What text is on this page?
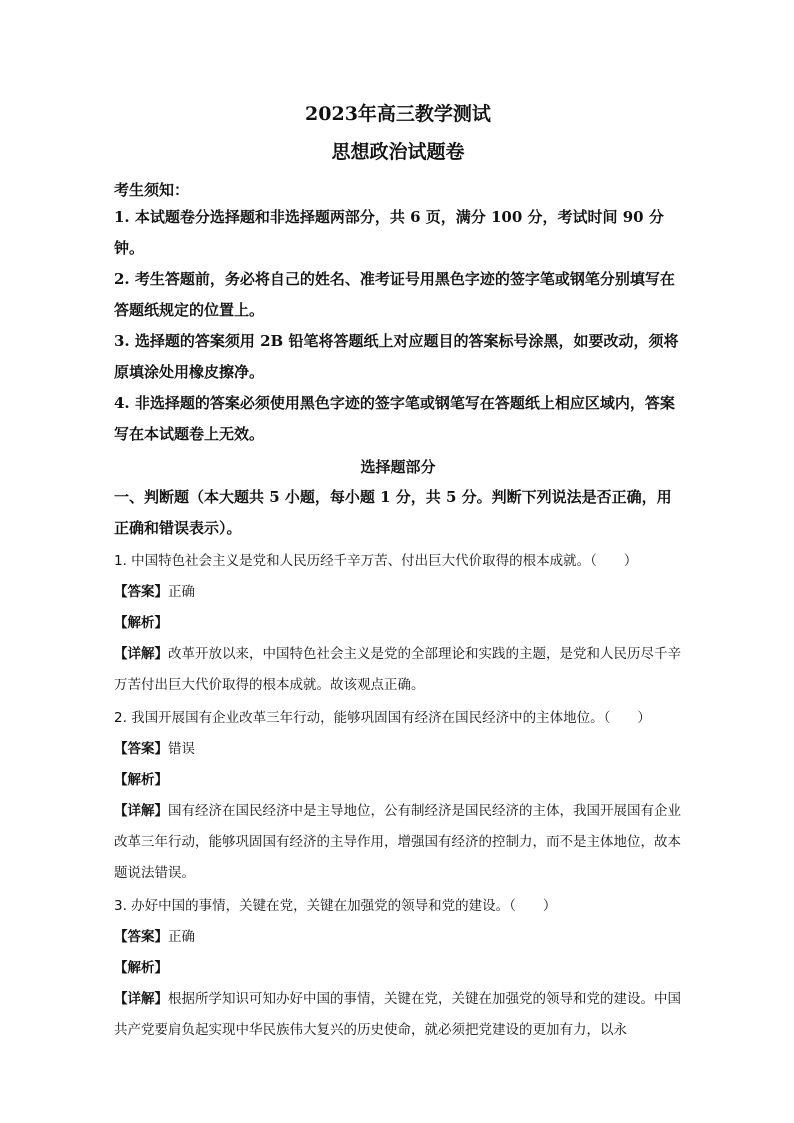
2023年高三教学测试
思想政治试题卷
考生须知：
1. 本试题卷分选择题和非选择题两部分，共 6 页，满分 100 分，考试时间 90 分钟。
2. 考生答题前，务必将自己的姓名、准考证号用黑色字迹的签字笔或钢笔分别填写在答题纸规定的位置上。
3. 选择题的答案须用 2B 铅笔将答题纸上对应题目的答案标号涂黑，如要改动，须将原填涂处用橡皮擦净。
4. 非选择题的答案必须使用黑色字迹的签字笔或钢笔写在答题纸上相应区域内，答案写在本试题卷上无效。
选择题部分
一、判断题（本大题共 5 小题，每小题 1 分，共 5 分。判断下列说法是否正确，用正确和错误表示）。
1. 中国特色社会主义是党和人民历经千辛万苦、付出巨大代价取得的根本成就。（　　）
【答案】正确
【解析】
【详解】改革开放以来，中国特色社会主义是党的全部理论和实践的主题，是党和人民历尽千辛万苦付出巨大代价取得的根本成就。故该观点正确。
2. 我国开展国有企业改革三年行动，能够巩固国有经济在国民经济中的主体地位。（　　）
【答案】错误
【解析】
【详解】国有经济在国民经济中是主导地位，公有制经济是国民经济的主体，我国开展国有企业改革三年行动，能够巩固国有经济的主导作用，增强国有经济的控制力，而不是主体地位，故本题说法错误。
3. 办好中国的事情，关键在党，关键在加强党的领导和党的建设。（　　）
【答案】正确
【解析】
【详解】根据所学知识可知办好中国的事情，关键在党，关键在加强党的领导和党的建设。中国共产党要肩负起实现中华民族伟大复兴的历史使命，就必须把党建设的更加有力，以永
